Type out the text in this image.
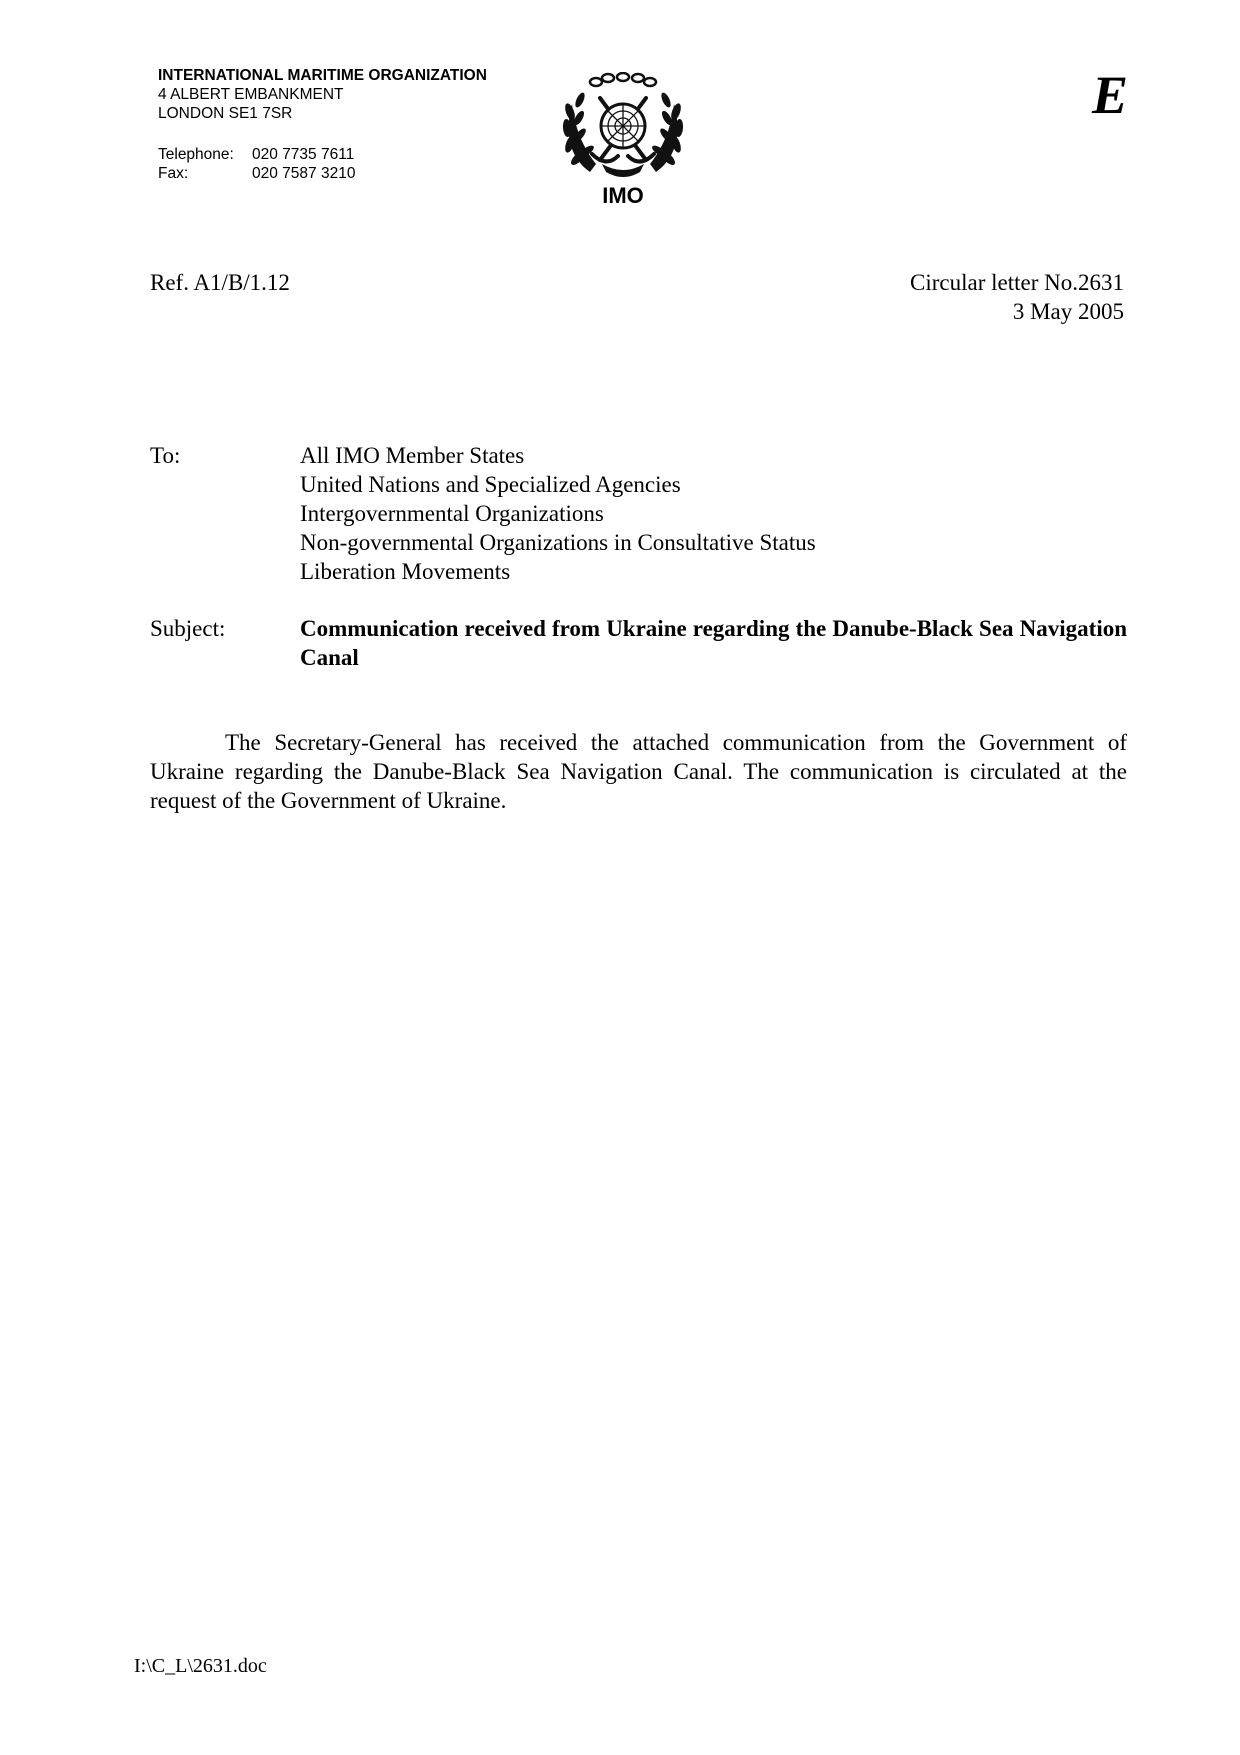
INTERNATIONAL MARITIME ORGANIZATION
4 ALBERT EMBANKMENT
LONDON SE1 7SR
Telephone:	020 7735 7611
Fax:	020 7587 3210
IMO
E
Ref. A1/B/1.12	Circular letter No.2631
3 May 2005
To:	All IMO Member States
United Nations and Specialized Agencies
Intergovernmental Organizations
Non-governmental Organizations in Consultative Status
Liberation Movements
Subject:	Communication received from Ukraine regarding the Danube-Black Sea Navigation Canal
The Secretary-General has received the attached communication from the Government of Ukraine regarding the Danube-Black Sea Navigation Canal. The communication is circulated at the request of the Government of Ukraine.
I:\C_L\2631.doc
